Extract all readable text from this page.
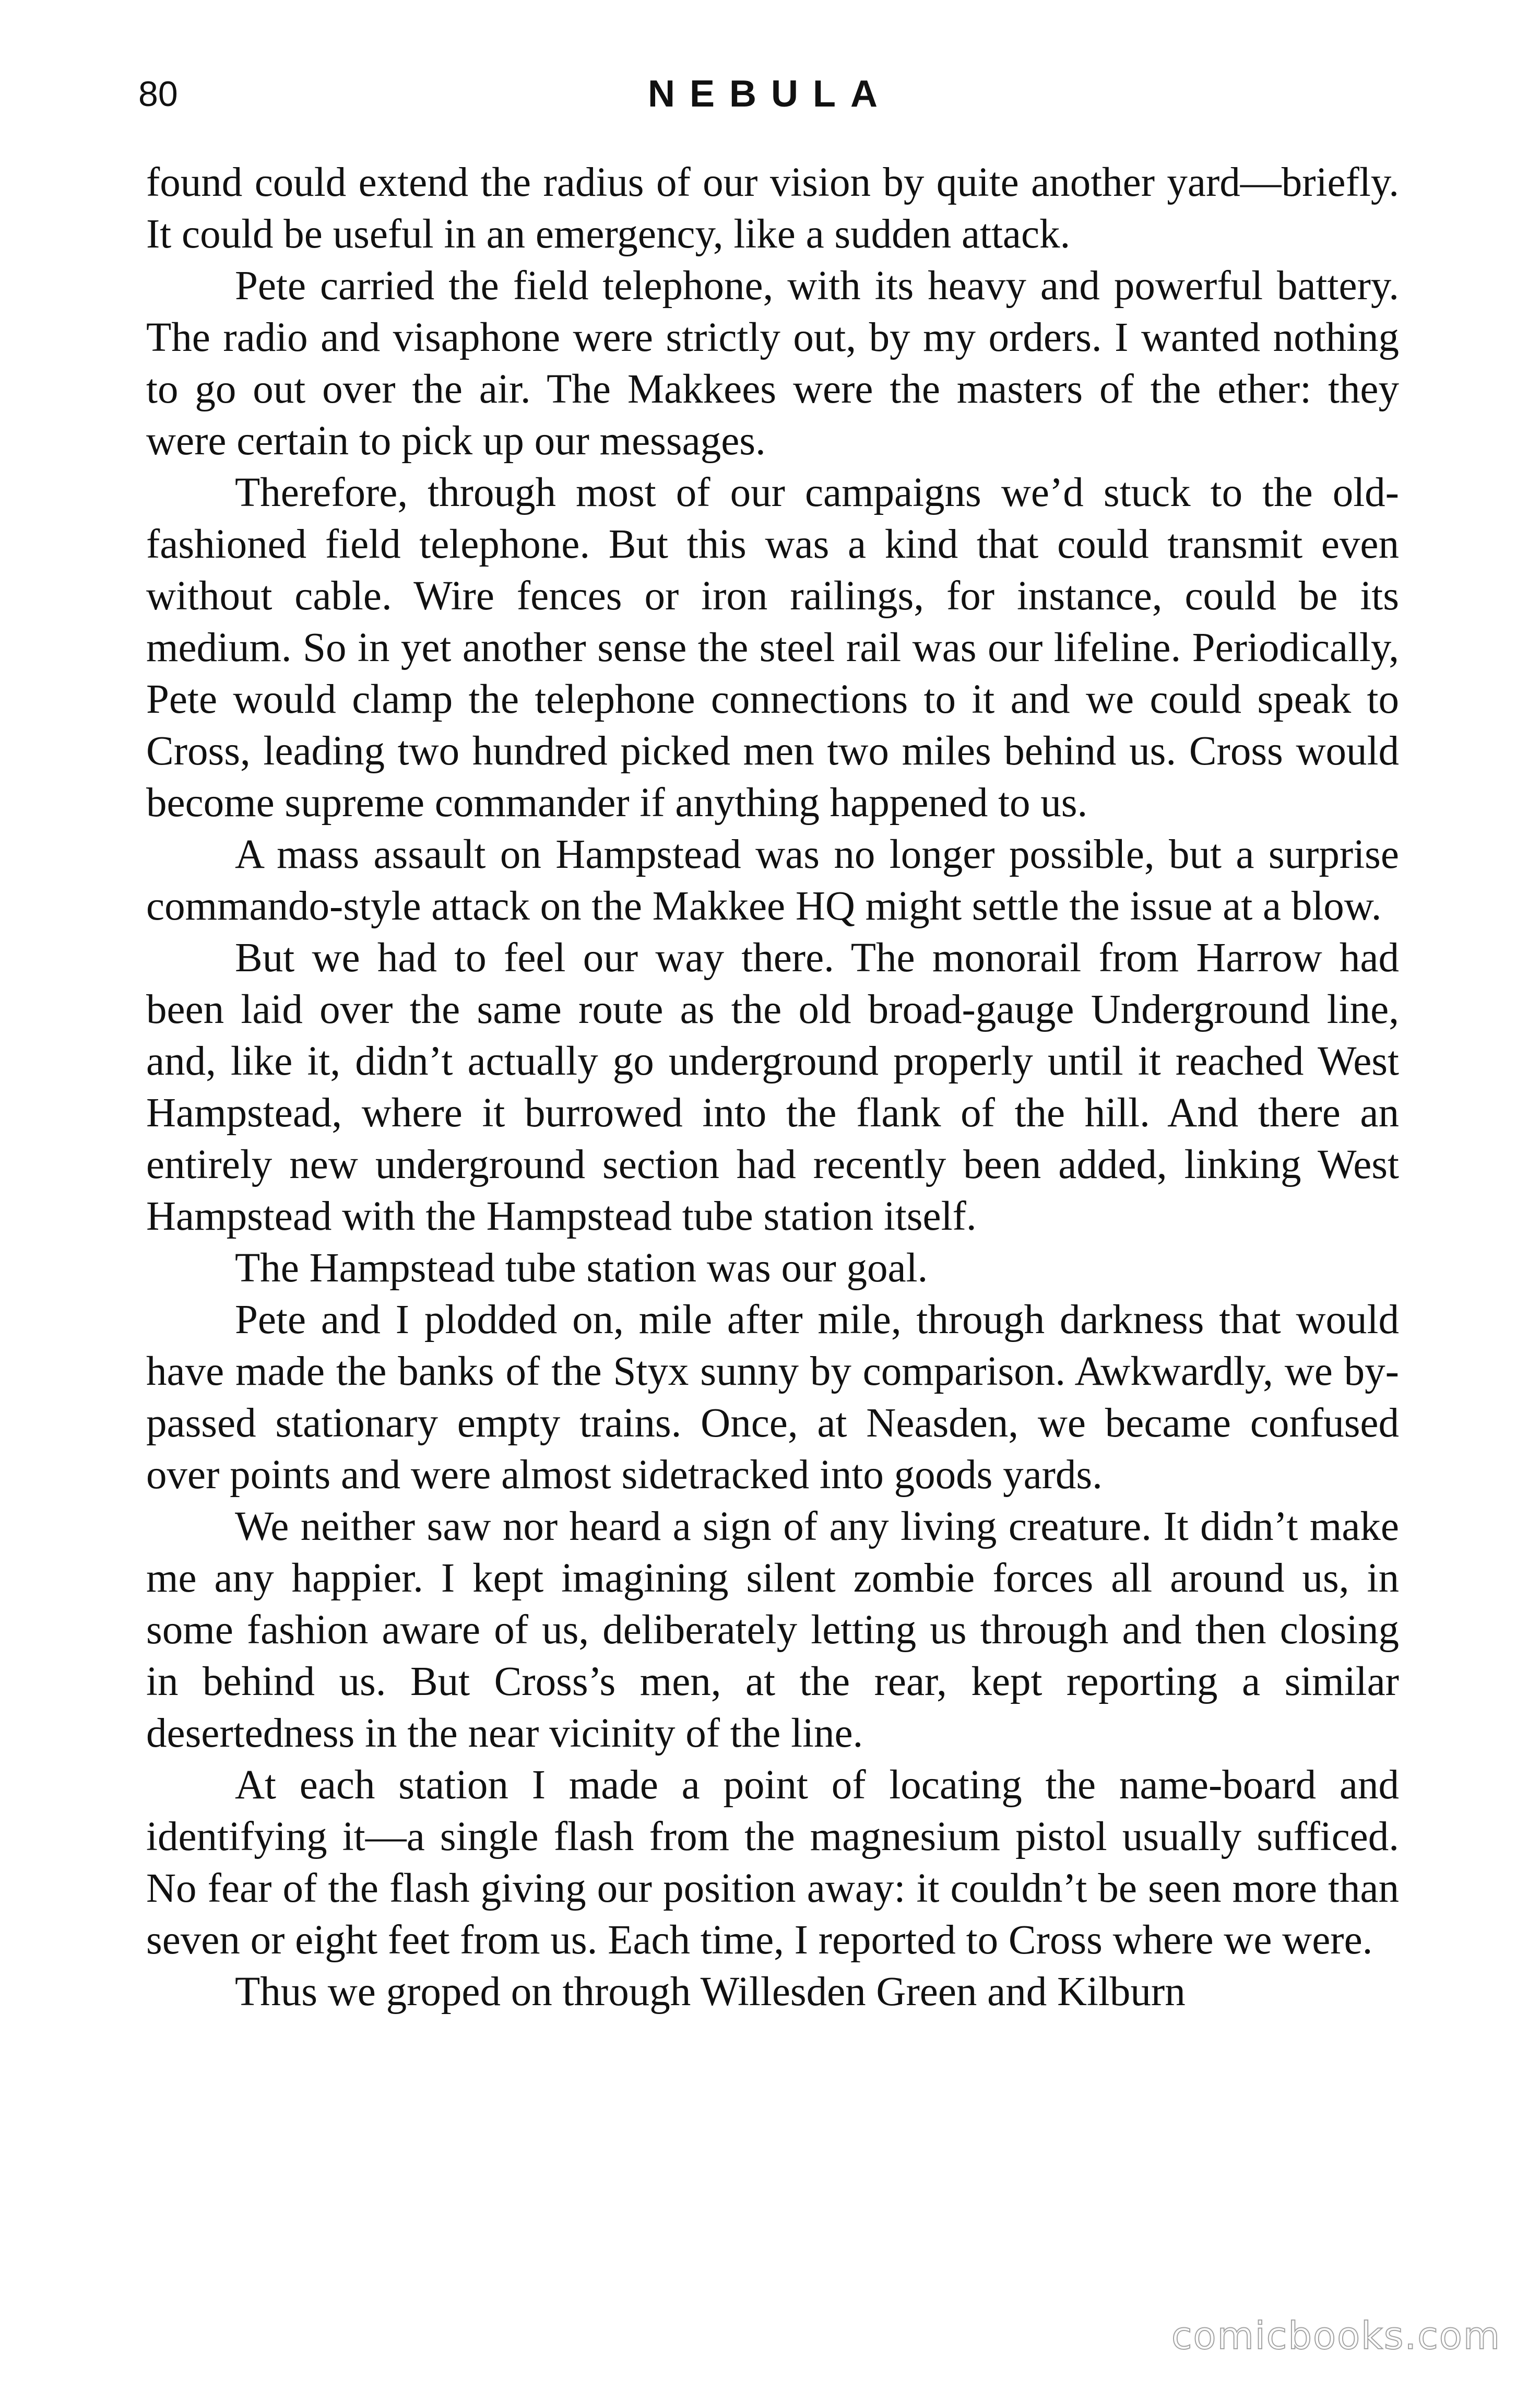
80	NEBULA

found could extend the radius of our vision by quite another yard—briefly. It could be useful in an emergency, like a sudden attack.

Pete carried the field telephone, with its heavy and powerful battery. The radio and visaphone were strictly out, by my orders. I wanted nothing to go out over the air. The Makkees were the masters of the ether: they were certain to pick up our messages.

Therefore, through most of our campaigns we’d stuck to the old-fashioned field telephone. But this was a kind that could transmit even without cable. Wire fences or iron railings, for instance, could be its medium. So in yet another sense the steel rail was our lifeline. Periodically, Pete would clamp the telephone connections to it and we could speak to Cross, leading two hundred picked men two miles behind us. Cross would become supreme commander if anything happened to us.

A mass assault on Hampstead was no longer possible, but a surprise commando-style attack on the Makkee HQ might settle the issue at a blow.

But we had to feel our way there. The monorail from Harrow had been laid over the same route as the old broad-gauge Underground line, and, like it, didn’t actually go underground properly until it reached West Hampstead, where it burrowed into the flank of the hill. And there an entirely new underground section had recently been added, linking West Hampstead with the Hampstead tube station itself.

The Hampstead tube station was our goal.

Pete and I plodded on, mile after mile, through darkness that would have made the banks of the Styx sunny by comparison. Awkwardly, we by-passed stationary empty trains. Once, at Neasden, we became confused over points and were almost sidetracked into goods yards.

We neither saw nor heard a sign of any living creature. It didn’t make me any happier. I kept imagining silent zombie forces all around us, in some fashion aware of us, deliberately letting us through and then closing in behind us. But Cross’s men, at the rear, kept reporting a similar desertedness in the near vicinity of the line.

At each station I made a point of locating the name-board and identifying it—a single flash from the magnesium pistol usually sufficed. No fear of the flash giving our position away: it couldn’t be seen more than seven or eight feet from us. Each time, I reported to Cross where we were.

Thus we groped on through Willesden Green and Kilburn

comicbooks.com
